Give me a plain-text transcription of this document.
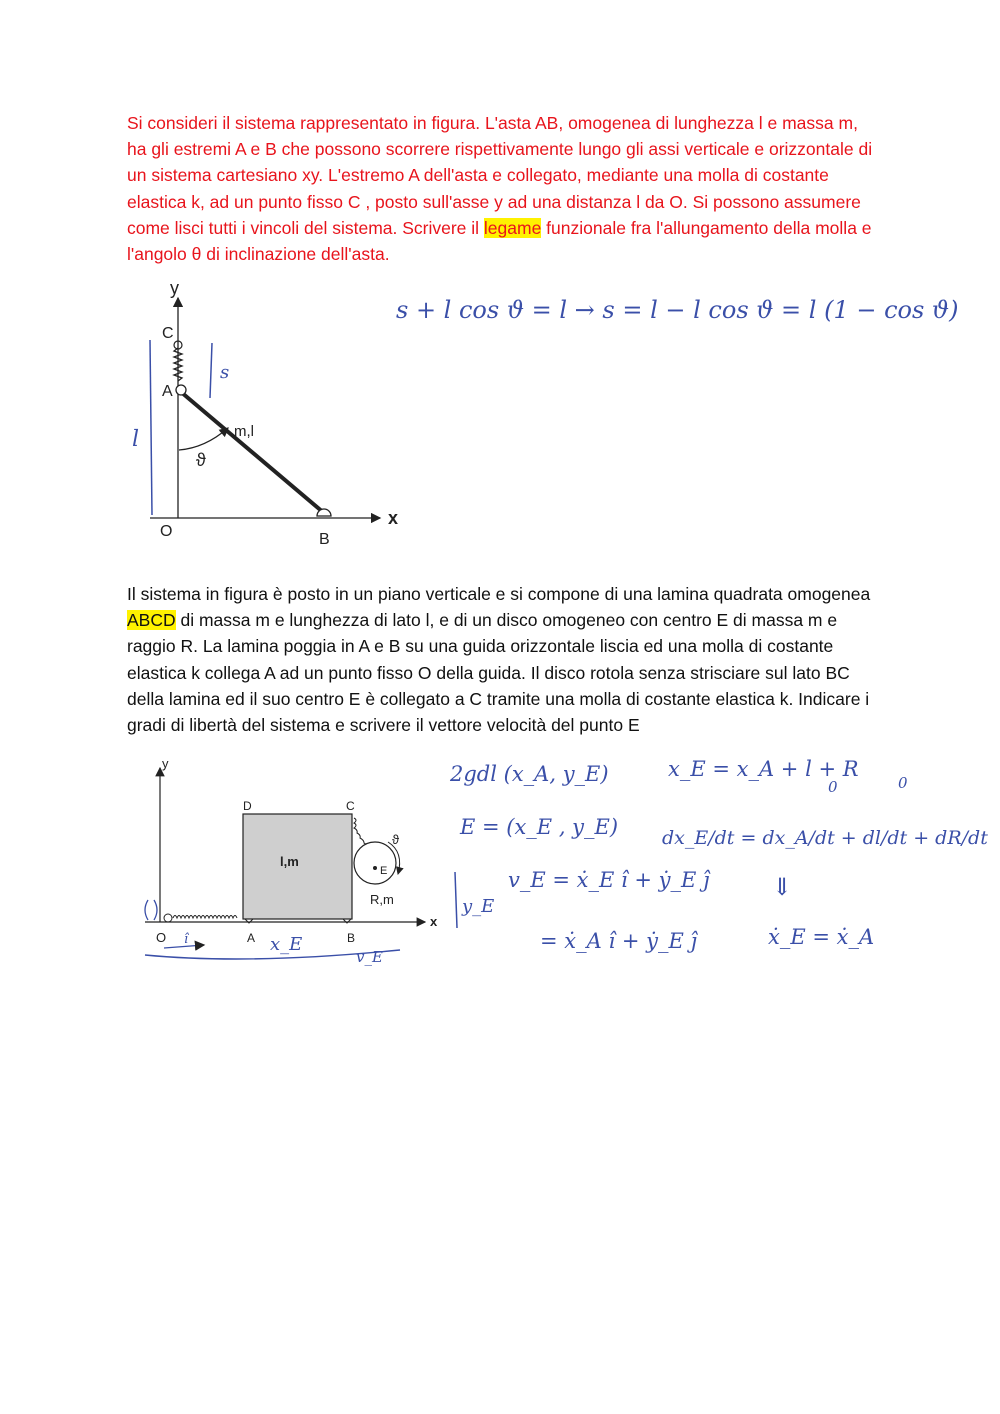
Si consideri il sistema rappresentato in figura. L'asta AB, omogenea di lunghezza l e massa m, ha gli estremi A e B che possono scorrere rispettivamente lungo gli assi verticale e orizzontale di un sistema cartesiano xy. L'estremo A dell'asta e collegato, mediante una molla di costante elastica k, ad un punto fisso C , posto sull'asse y ad una distanza l da O. Si possono assumere come lisci tutti i vincoli del sistema. Scrivere il legame funzionale fra l'allungamento della molla e l'angolo θ di inclinazione dell'asta.
Il sistema in figura è posto in un piano verticale e si compone di una lamina quadrata omogenea ABCD di massa m e lunghezza di lato l, e di un disco omogeneo con centro E di massa m e raggio R. La lamina poggia in A e B su una guida orizzontale liscia ed una molla di costante elastica k collega A ad un punto fisso O della guida. Il disco rotola senza strisciare sul lato BC della lamina ed il suo centro E è collegato a C tramite una molla di costante elastica k. Indicare i gradi di libertà del sistema e scrivere il vettore velocità del punto E
y
x
O
C
A
B
m,l
ϑ
l
s
s + l cos ϑ = l → s = l − l cos ϑ = l (1 − cos ϑ)
y
x
O
l,m
A	B
D	C
E
R,m
ϑ
î	x_E
v_E
y_E
2gdl (x_A, y_E)	x_E = x_A + l + R
0	0
E = (x_E , y_E) dx_E/dt = dx_A/dt + dl/dt + dR/dt
v_E = ẋ_E î + ẏ_E ĵ	⇓
= ẋ_A î + ẏ_E ĵ	ẋ_E = ẋ_A
